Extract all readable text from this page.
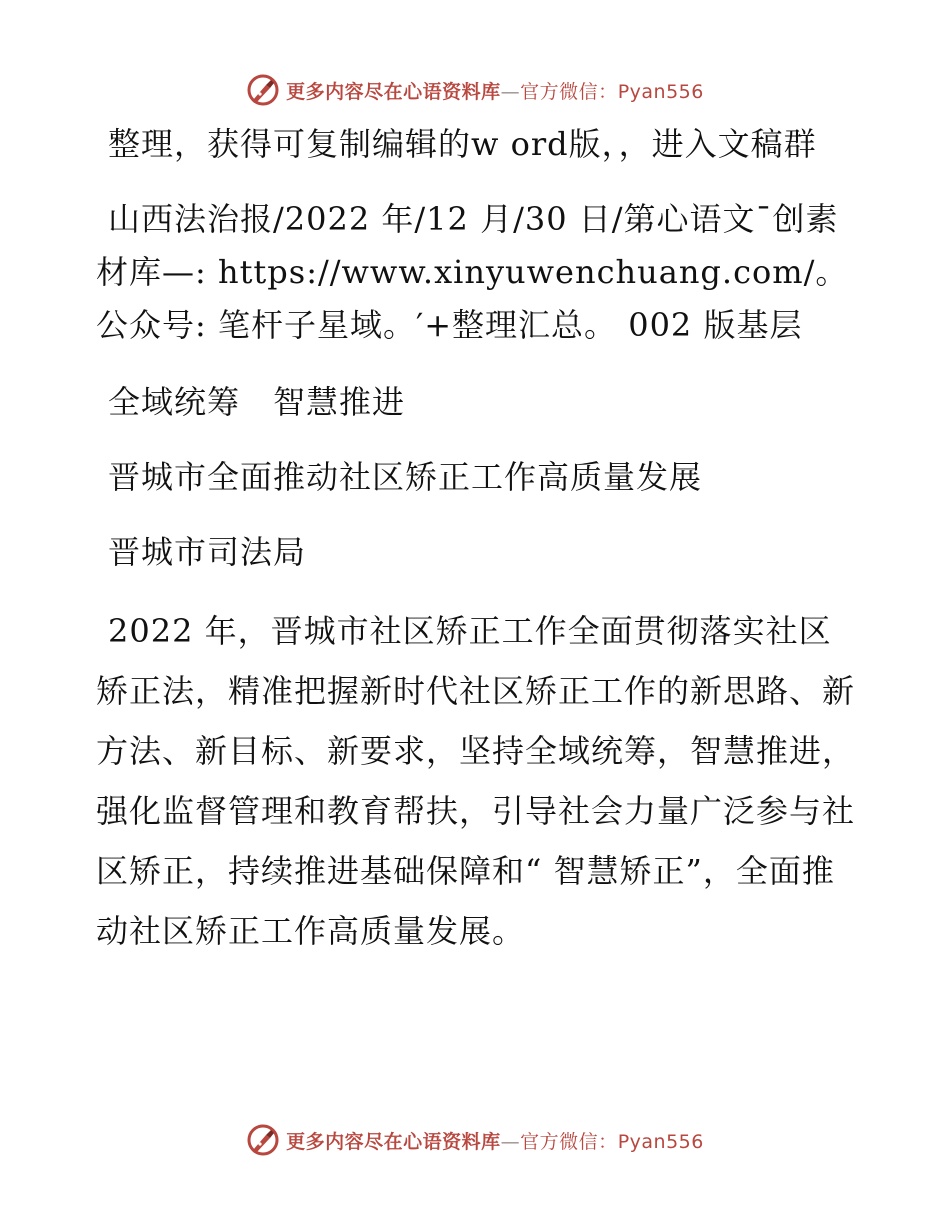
更多内容尽在心语资料库—官方微信：Pyan556

整理，获得可复制编辑的w ord版，，进入文稿群

山西法治报/2022 年/12 月/30 日/第心语文¯创素材库—: https://www.xinyuwenchuang.com/。公众号: 笔杆子星域。′+整理汇总。 002 版基层

全域统筹　智慧推进

晋城市全面推动社区矫正工作高质量发展

晋城市司法局

2022 年，晋城市社区矫正工作全面贯彻落实社区矫正法，精准把握新时代社区矫正工作的新思路、新方法、新目标、新要求，坚持全域统筹，智慧推进，强化监督管理和教育帮扶，引导社会力量广泛参与社区矫正，持续推进基础保障和“ 智慧矫正”，全面推动社区矫正工作高质量发展。

更多内容尽在心语资料库—官方微信：Pyan556
